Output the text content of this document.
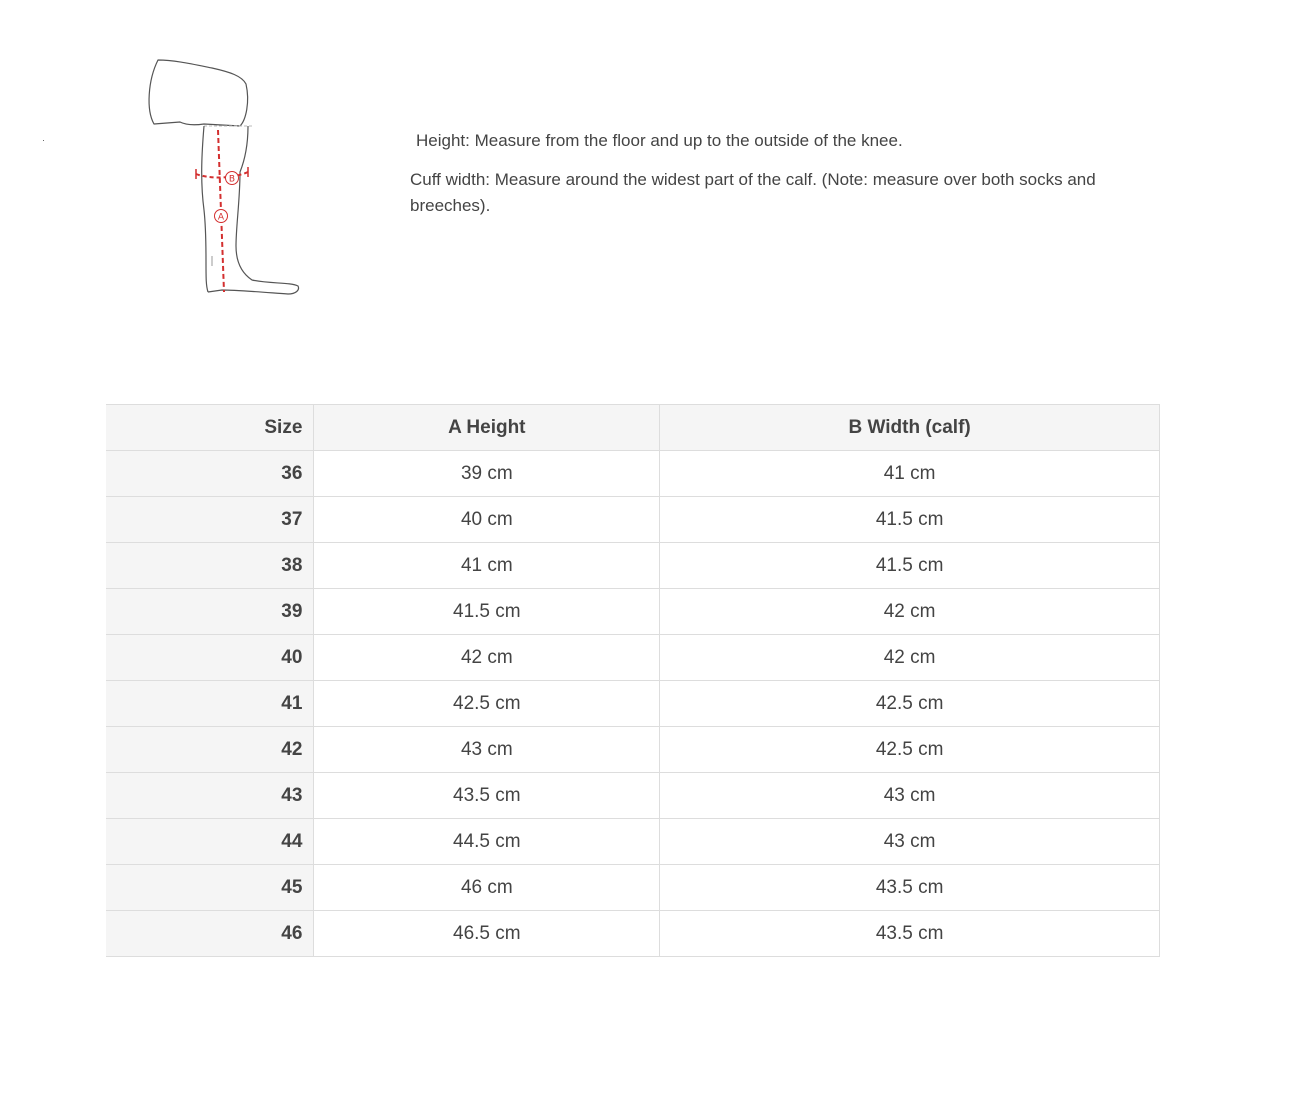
B
A

Height: Measure from the floor and up to the outside of the knee.

Cuff width: Measure around the widest part of the calf. (Note: measure over both socks and breeches).

Size	A Height	B Width (calf)
36	39 cm	41 cm
37	40 cm	41.5 cm
38	41 cm	41.5 cm
39	41.5 cm	42 cm
40	42 cm	42 cm
41	42.5 cm	42.5 cm
42	43 cm	42.5 cm
43	43.5 cm	43 cm
44	44.5 cm	43 cm
45	46 cm	43.5 cm
46	46.5 cm	43.5 cm
